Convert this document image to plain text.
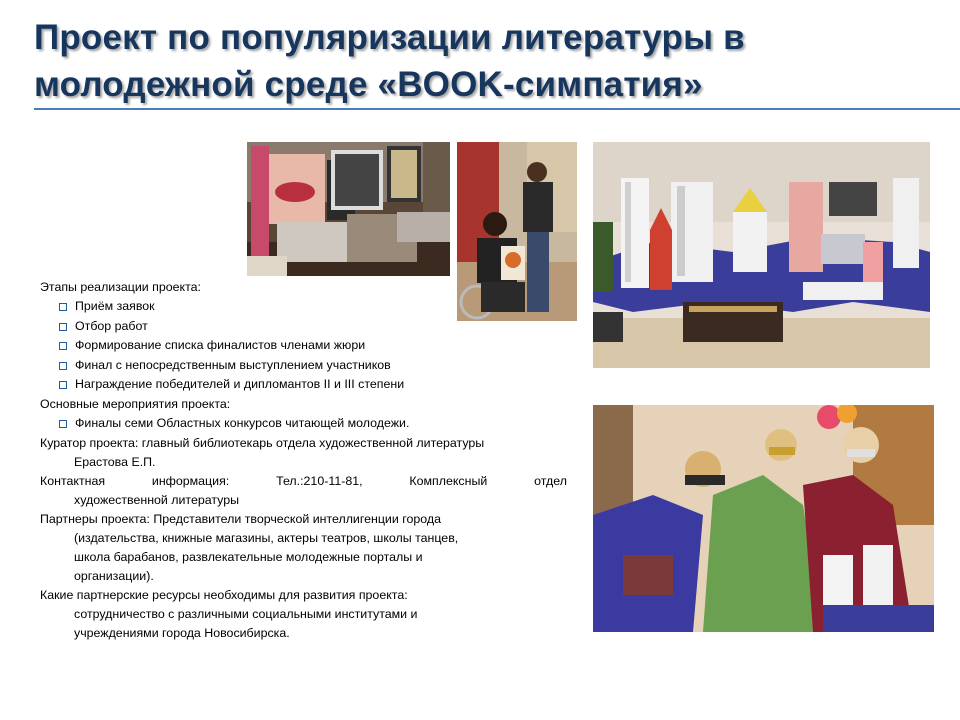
Проект по популяризации литературы в
молодежной среде «BOOK-симпатия»

Этапы реализации проекта:

Приём заявок
Отбор работ
Формирование списка финалистов членами жюри
Финал с непосредственным выступлением участников
Награждение победителей и дипломантов II и III степени

Основные мероприятия проекта:

Финалы семи Областных конкурсов читающей молодежи.

Куратор проекта: главный библиотекарь отдела художественной литературы

Ерастова Е.П.

Контактная	информация:	Тел.:210-11-81,	Комплексный	отдел

художественной литературы

Партнеры проекта: Представители творческой интеллигенции города

(издательства, книжные магазины, актеры театров, школы танцев,

школа барабанов, развлекательные молодежные порталы и

организации).

Какие партнерские ресурсы необходимы для развития проекта:

сотрудничество с различными социальными институтами и

учреждениями города Новосибирска.
